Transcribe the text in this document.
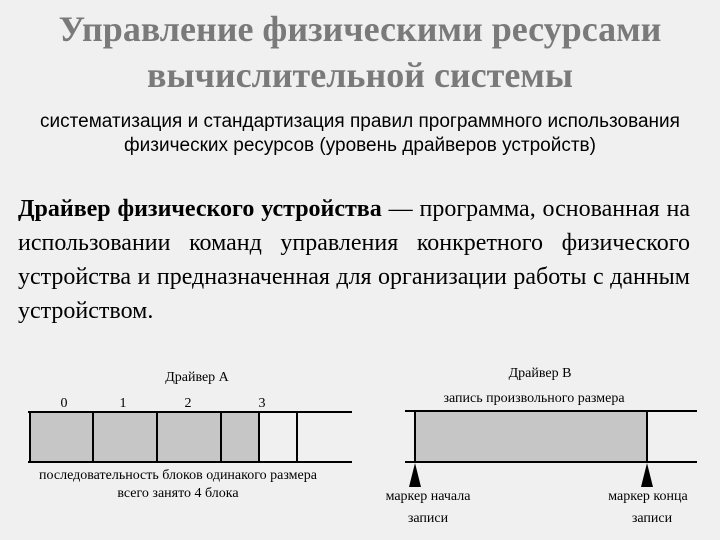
Управление физическими ресурсами
вычислительной системы
систематизация и стандартизация правил программного использования физических ресурсов (уровень драйверов устройств)
Драйвер физического устройства — программа, основанная на использовании команд управления конкретного физического устройства и предназначенная для организации работы с данным устройством.
Драйвер А
0	1	2	3
последовательность блоков одинакого размера
всего занято 4 блока
Драйвер В
запись произвольного размера
маркер начала
записи
маркер конца
записи
